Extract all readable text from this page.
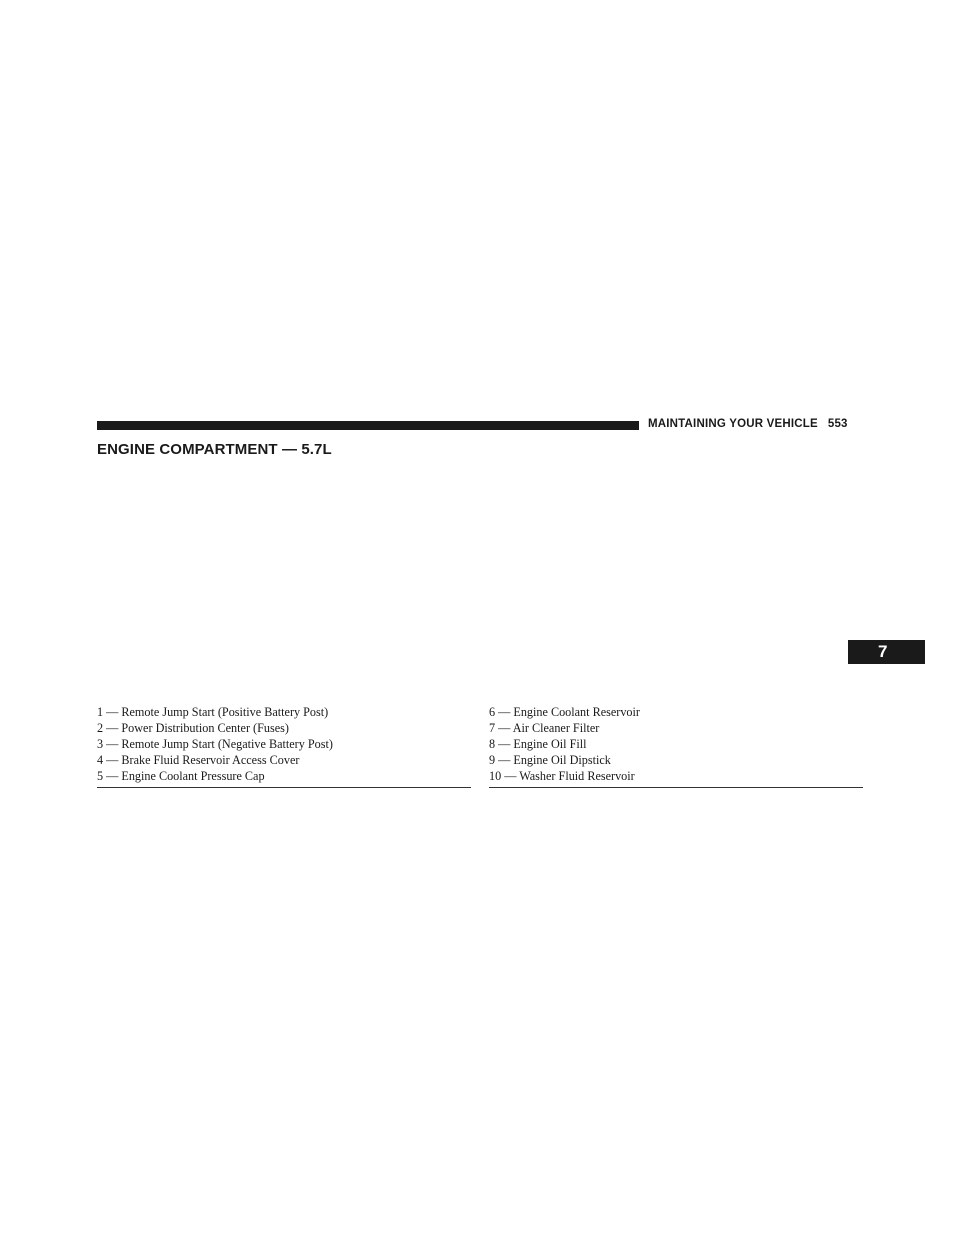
MAINTAINING YOUR VEHICLE 553
ENGINE COMPARTMENT — 5.7L
7
1 — Remote Jump Start (Positive Battery Post)
2 — Power Distribution Center (Fuses)
3 — Remote Jump Start (Negative Battery Post)
4 — Brake Fluid Reservoir Access Cover
5 — Engine Coolant Pressure Cap
6 — Engine Coolant Reservoir
7 — Air Cleaner Filter
8 — Engine Oil Fill
9 — Engine Oil Dipstick
10 — Washer Fluid Reservoir
